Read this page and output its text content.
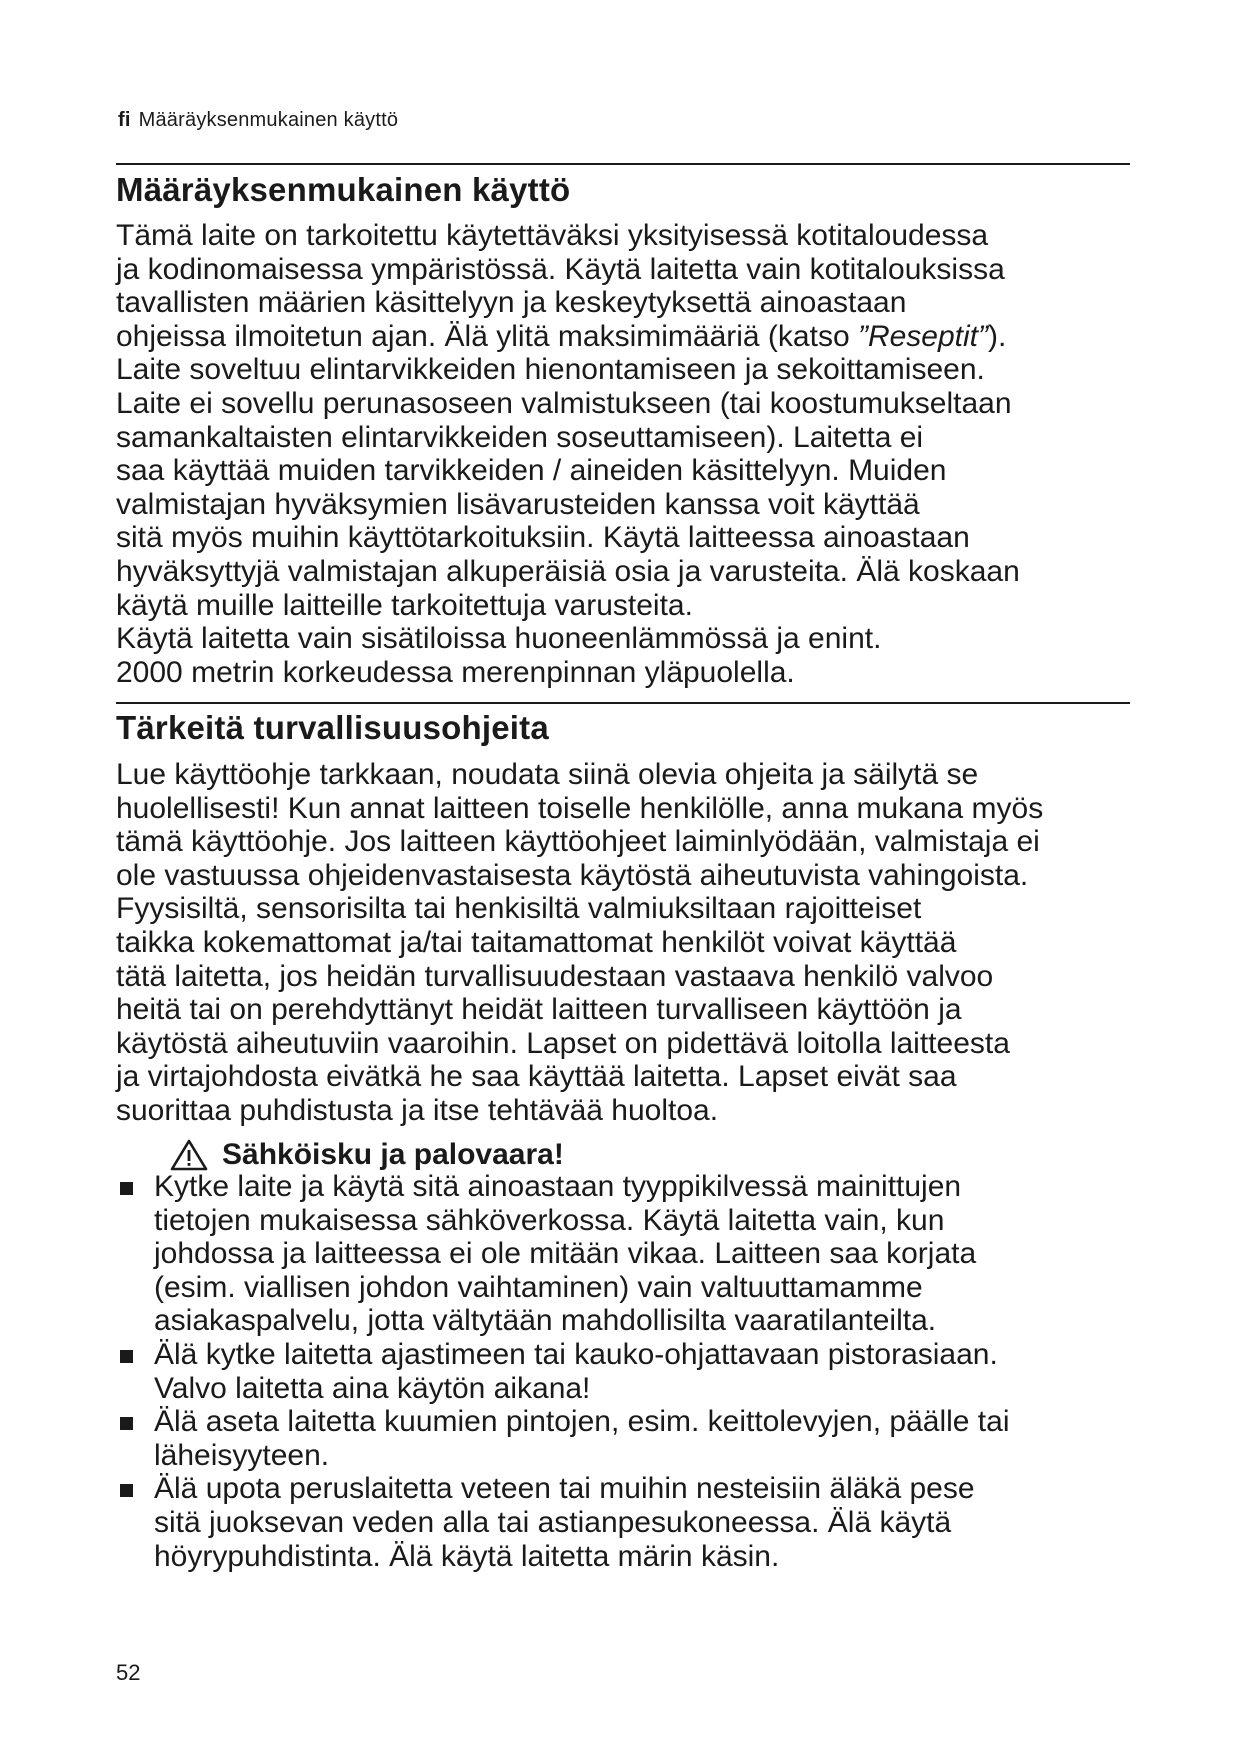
fi Määräyksenmukainen käyttö
Määräyksenmukainen käyttö
Tämä laite on tarkoitettu käytettäväksi yksityisessä kotitaloudessa
ja kodinomaisessa ympäristössä. Käytä laitetta vain kotitalouksissa
tavallisten määrien käsittelyyn ja keskeytyksettä ainoastaan
ohjeissa ilmoitetun ajan. Älä ylitä maksimimääriä (katso ”Reseptit”).
Laite soveltuu elintarvikkeiden hienontamiseen ja sekoittamiseen.
Laite ei sovellu perunasoseen valmistukseen (tai koostumukseltaan
samankaltaisten elintarvikkeiden soseuttamiseen). Laitetta ei
saa käyttää muiden tarvikkeiden / aineiden käsittelyyn. Muiden
valmistajan hyväksymien lisävarusteiden kanssa voit käyttää
sitä myös muihin käyttötarkoituksiin. Käytä laitteessa ainoastaan
hyväksyttyjä valmistajan alkuperäisiä osia ja varusteita. Älä koskaan
käytä muille laitteille tarkoitettuja varusteita.
Käytä laitetta vain sisätiloissa huoneenlämmössä ja enint.
2000 metrin korkeudessa merenpinnan yläpuolella.
Tärkeitä turvallisuusohjeita
Lue käyttöohje tarkkaan, noudata siinä olevia ohjeita ja säilytä se
huolellisesti! Kun annat laitteen toiselle henkilölle, anna mukana myös
tämä käyttöohje. Jos laitteen käyttöohjeet laiminlyödään, valmistaja ei
ole vastuussa ohjeidenvastaisesta käytöstä aiheutuvista vahingoista.
Fyysisiltä, sensorisilta tai henkisiltä valmiuksiltaan rajoitteiset
taikka kokemattomat ja/tai taitamattomat henkilöt voivat käyttää
tätä laitetta, jos heidän turvallisuudestaan vastaava henkilö valvoo
heitä tai on perehdyttänyt heidät laitteen turvalliseen käyttöön ja
käytöstä aiheutuviin vaaroihin. Lapset on pidettävä loitolla laitteesta
ja virtajohdosta eivätkä he saa käyttää laitetta. Lapset eivät saa
suorittaa puhdistusta ja itse tehtävää huoltoa.
Sähköisku ja palovaara!
Kytke laite ja käytä sitä ainoastaan tyyppikilvessä mainittujen
tietojen mukaisessa sähköverkossa. Käytä laitetta vain, kun
johdossa ja laitteessa ei ole mitään vikaa. Laitteen saa korjata
(esim. viallisen johdon vaihtaminen) vain valtuuttamamme
asiakaspalvelu, jotta vältytään mahdollisilta vaaratilanteilta.
Älä kytke laitetta ajastimeen tai kauko-ohjattavaan pistorasiaan.
Valvo laitetta aina käytön aikana!
Älä aseta laitetta kuumien pintojen, esim. keittolevyjen, päälle tai
läheisyyteen.
Älä upota peruslaitetta veteen tai muihin nesteisiin äläkä pese
sitä juoksevan veden alla tai astianpesukoneessa. Älä käytä
höyrypuhdistinta. Älä käytä laitetta märin käsin.
52
